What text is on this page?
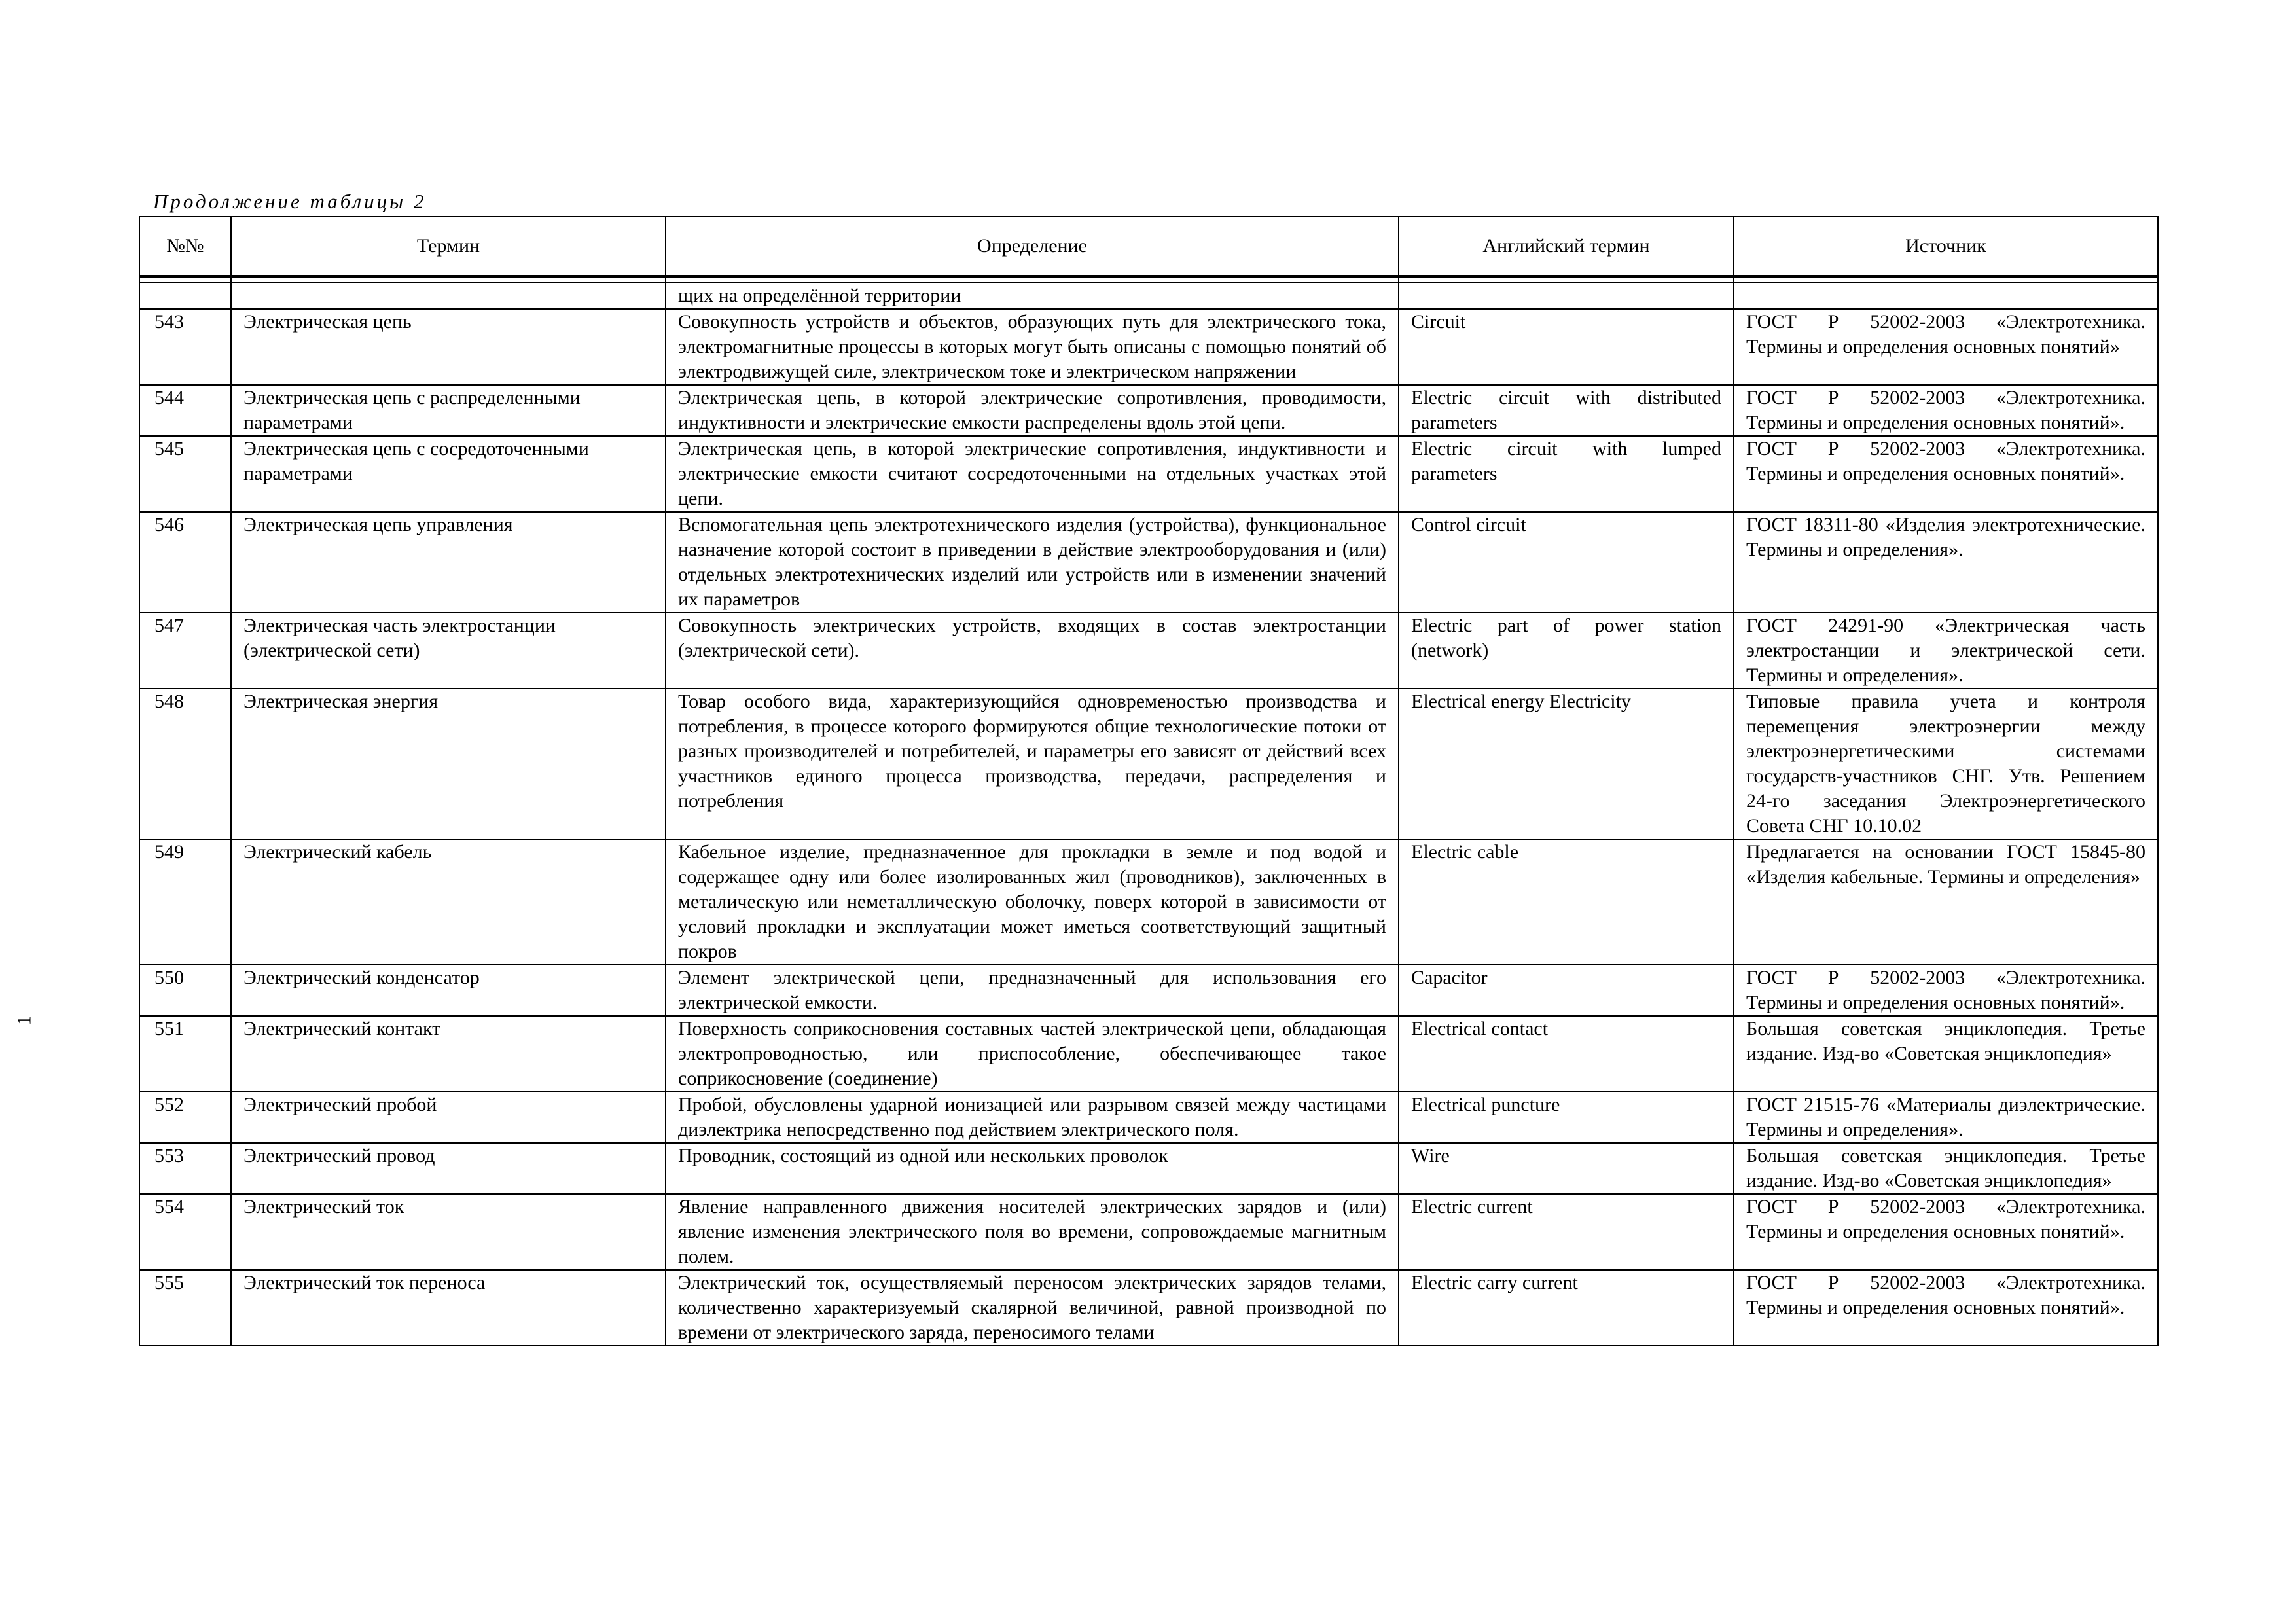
Продолжение таблицы 2
1
№№	Термин	Определение	Английский термин	Источник

		щих на определённой территории		
543	Электрическая цепь	Совокупность устройств и объектов, образующих путь для электрического тока, электромагнитные процессы в которых могут быть описаны с помощью понятий об электродвижущей силе, электрическом токе и электрическом напряжении	Circuit	ГОСТ Р 52002-2003 «Электротехника. Термины и определения основных понятий»
544	Электрическая цепь с распределенными параметрами	Электрическая цепь, в которой электрические сопротивления, проводимости, индуктивности и электрические емкости распределены вдоль этой цепи.	Electric circuit with distributed parameters	ГОСТ Р 52002-2003 «Электротехника. Термины и определения основных понятий».
545	Электрическая цепь с сосредоточенными параметрами	Электрическая цепь, в которой электрические сопротивления, индуктивности и электрические емкости считают сосредоточенными на отдельных участках этой цепи.	Electric circuit with lumped parameters	ГОСТ Р 52002-2003 «Электротехника. Термины и определения основных понятий».
546	Электрическая цепь управления	Вспомогательная цепь электротехнического изделия (устройства), функциональное назначение которой состоит в приведении в действие электрооборудования и (или) отдельных электротехнических изделий или устройств или в изменении значений их параметров	Control circuit	ГОСТ 18311-80 «Изделия электротехнические. Термины и определения».
547	Электрическая часть электростанции (электрической сети)	Совокупность электрических устройств, входящих в состав электростанции (электрической сети).	Electric part of power station (network)	ГОСТ 24291-90 «Электрическая часть электростанции и электрической сети. Термины и определения».
548	Электрическая энергия	Товар особого вида, характеризующийся одновременостью производства и потребления, в процессе которого формируются общие технологические потоки от разных производителей и потребителей, и параметры его зависят от действий всех участников единого процесса производства, передачи, распределения и потребления	Electrical energy Electricity	Типовые правила учета и контроля перемещения электроэнергии между электроэнергетическими системами государств-участников СНГ. Утв. Решением 24-го заседания Электроэнергетического Совета СНГ 10.10.02
549	Электрический кабель	Кабельное изделие, предназначенное для прокладки в земле и под водой и содержащее одну или более изолированных жил (проводников), заключенных в металическую или неметаллическую оболочку, поверх которой в зависимости от условий прокладки и эксплуатации может иметься соответствующий защитный покров	Electric cable	Предлагается на основании ГОСТ 15845-80 «Изделия кабельные. Термины и определения»
550	Электрический конденсатор	Элемент электрической цепи, предназначенный для использования его электрической емкости.	Capacitor	ГОСТ Р 52002-2003 «Электротехника. Термины и определения основных понятий».
551	Электрический контакт	Поверхность соприкосновения составных частей электрической цепи, обладающая электропроводностью, или приспособление, обеспечивающее такое соприкосновение (соединение)	Electrical contact	Большая советская энциклопедия. Третье издание. Изд-во «Советская энциклопедия»
552	Электрический пробой	Пробой, обусловлены ударной ионизацией или разрывом связей между частицами диэлектрика непосредственно под действием электрического поля.	Electrical puncture	ГОСТ 21515-76 «Материалы диэлектрические. Термины и определения».
553	Электрический провод	Проводник, состоящий из одной или нескольких проволок	Wire	Большая советская энциклопедия. Третье издание. Изд-во «Советская энциклопедия»
554	Электрический ток	Явление направленного движения носителей электрических зарядов и (или) явление изменения электрического поля во времени, сопровождаемые магнитным полем.	Electric current	ГОСТ Р 52002-2003 «Электротехника. Термины и определения основных понятий».
555	Электрический ток переноса	Электрический ток, осуществляемый переносом электрических зарядов телами, количественно характеризуемый скалярной величиной, равной производной по времени от электрического заряда, переносимого телами	Electric carry current	ГОСТ Р 52002-2003 «Электротехника. Термины и определения основных понятий».
